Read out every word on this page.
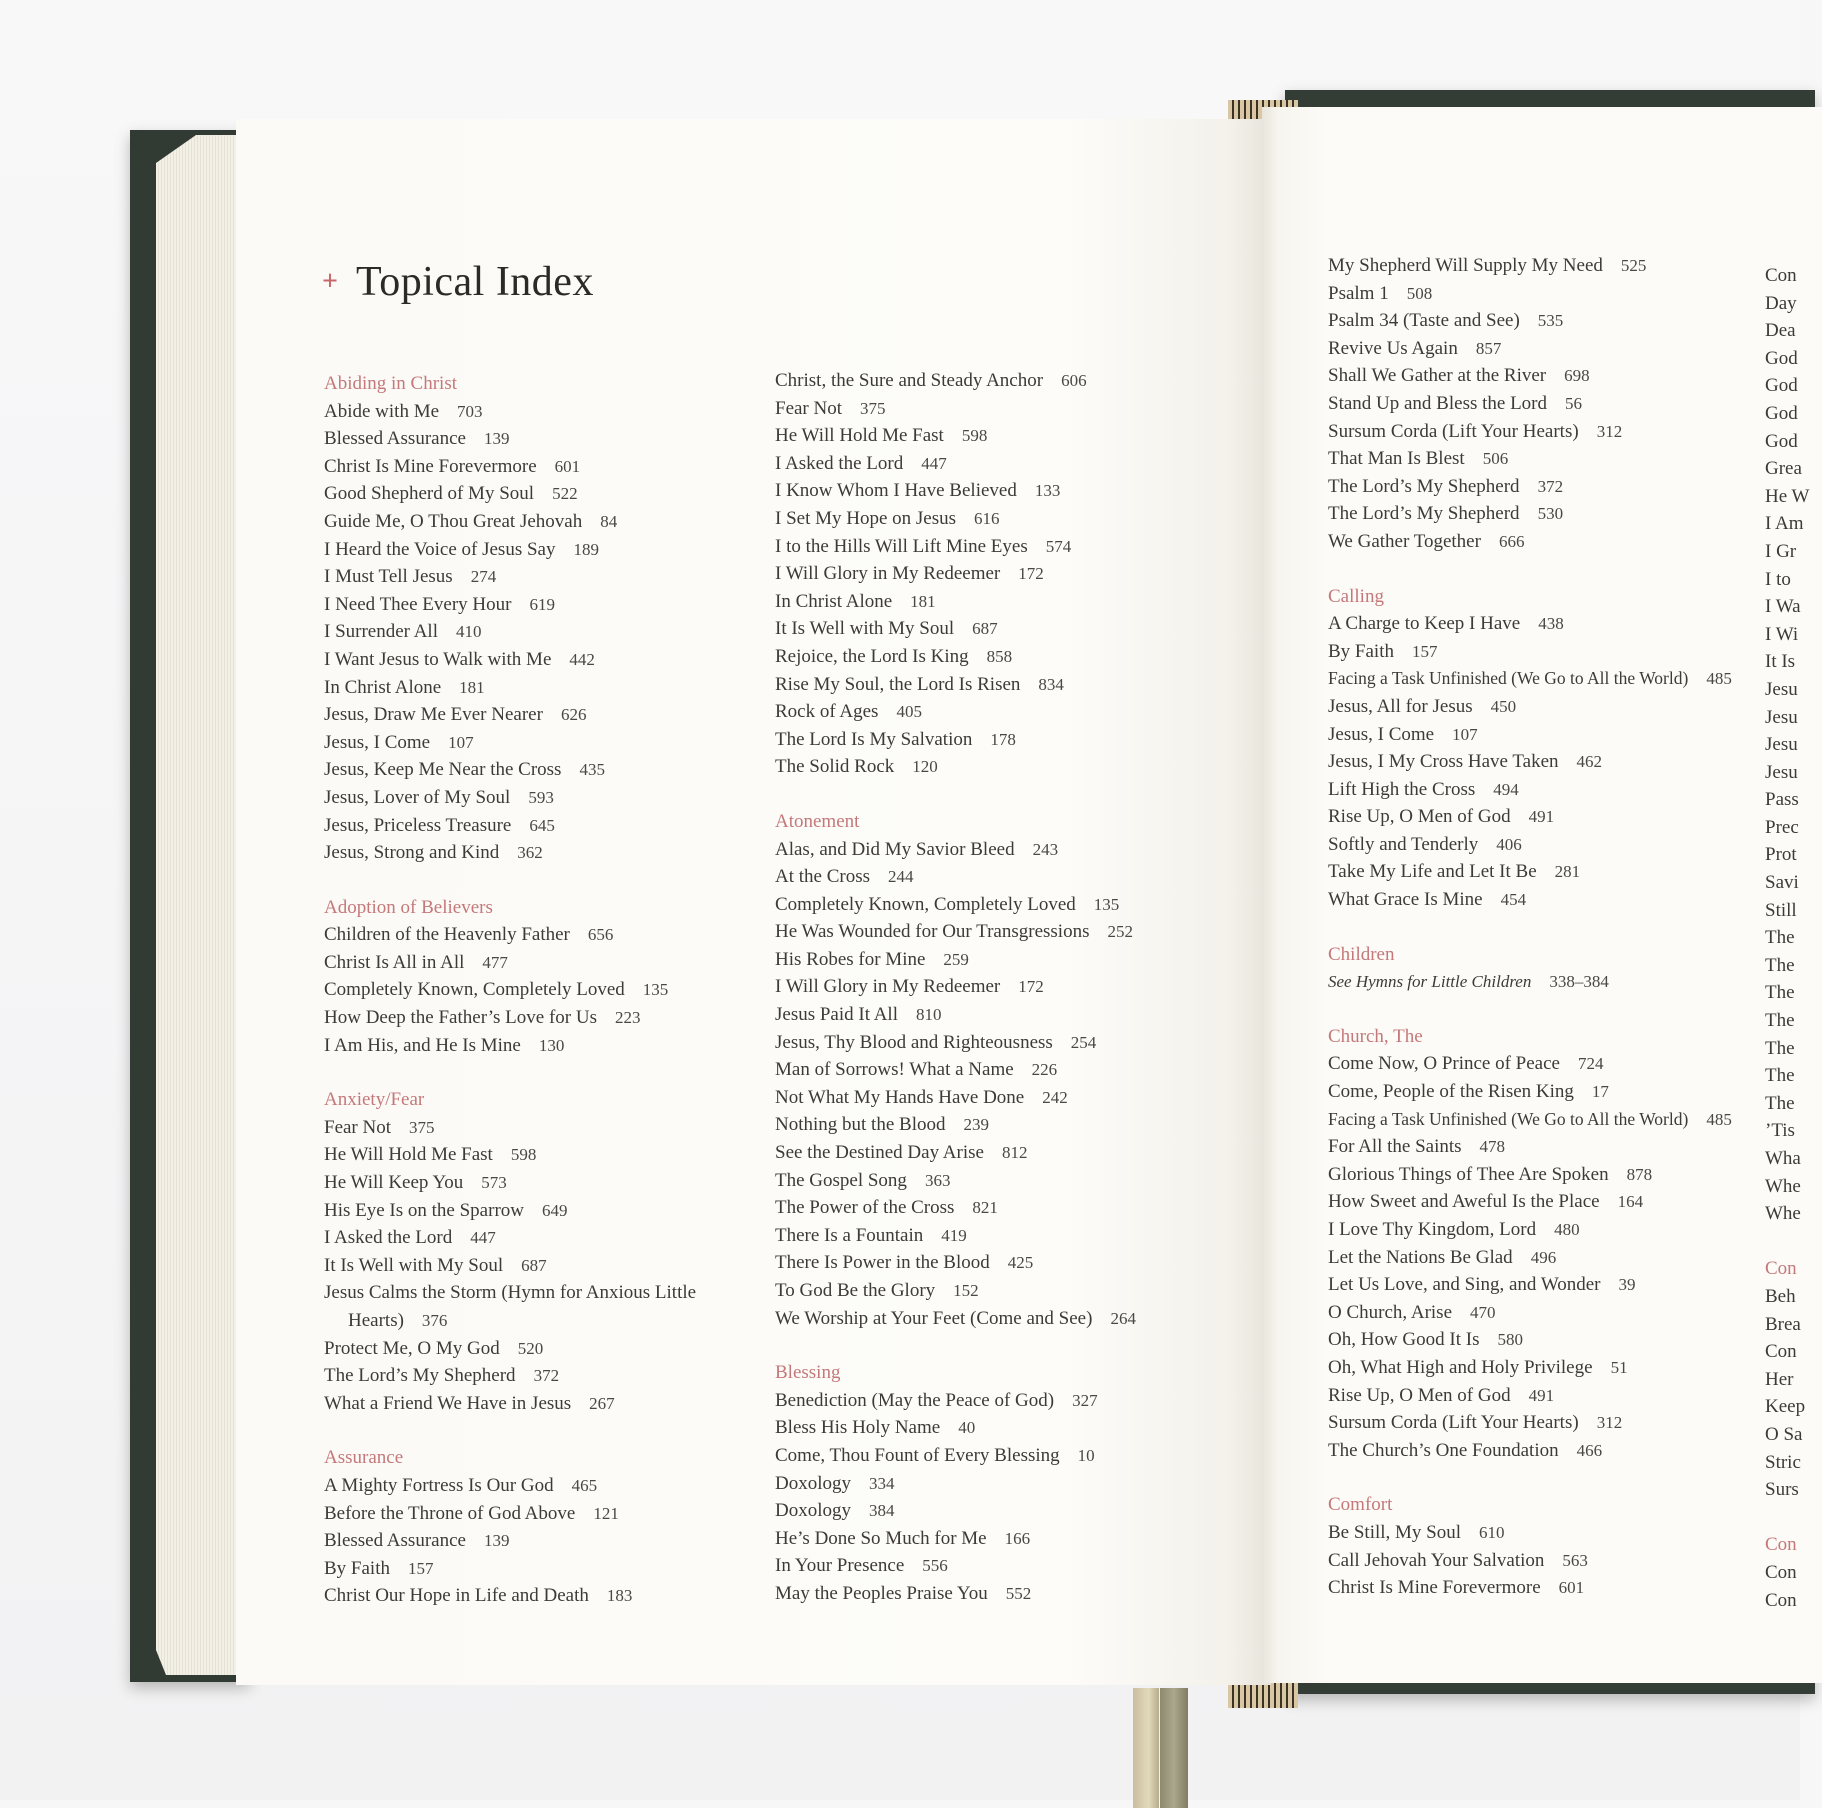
+ Topical Index
Abiding in Christ
Abide with Me 703
Blessed Assurance 139
Christ Is Mine Forevermore 601
Good Shepherd of My Soul 522
Guide Me, O Thou Great Jehovah 84
I Heard the Voice of Jesus Say 189
I Must Tell Jesus 274
I Need Thee Every Hour 619
I Surrender All 410
I Want Jesus to Walk with Me 442
In Christ Alone 181
Jesus, Draw Me Ever Nearer 626
Jesus, I Come 107
Jesus, Keep Me Near the Cross 435
Jesus, Lover of My Soul 593
Jesus, Priceless Treasure 645
Jesus, Strong and Kind 362
Adoption of Believers
Children of the Heavenly Father 656
Christ Is All in All 477
Completely Known, Completely Loved 135
How Deep the Father’s Love for Us 223
I Am His, and He Is Mine 130
Anxiety/Fear
Fear Not 375
He Will Hold Me Fast 598
He Will Keep You 573
His Eye Is on the Sparrow 649
I Asked the Lord 447
It Is Well with My Soul 687
Jesus Calms the Storm (Hymn for Anxious Little Hearts) 376
Protect Me, O My God 520
The Lord’s My Shepherd 372
What a Friend We Have in Jesus 267
Assurance
A Mighty Fortress Is Our God 465
Before the Throne of God Above 121
Blessed Assurance 139
By Faith 157
Christ Our Hope in Life and Death 183
Christ, the Sure and Steady Anchor 606
Fear Not 375
He Will Hold Me Fast 598
I Asked the Lord 447
I Know Whom I Have Believed 133
I Set My Hope on Jesus 616
I to the Hills Will Lift Mine Eyes 574
I Will Glory in My Redeemer 172
In Christ Alone 181
It Is Well with My Soul 687
Rejoice, the Lord Is King 858
Rise My Soul, the Lord Is Risen 834
Rock of Ages 405
The Lord Is My Salvation 178
The Solid Rock 120
Atonement
Alas, and Did My Savior Bleed 243
At the Cross 244
Completely Known, Completely Loved 135
He Was Wounded for Our Transgressions 252
His Robes for Mine 259
I Will Glory in My Redeemer 172
Jesus Paid It All 810
Jesus, Thy Blood and Righteousness 254
Man of Sorrows! What a Name 226
Not What My Hands Have Done 242
Nothing but the Blood 239
See the Destined Day Arise 812
The Gospel Song 363
The Power of the Cross 821
There Is a Fountain 419
There Is Power in the Blood 425
To God Be the Glory 152
We Worship at Your Feet (Come and See) 264
Blessing
Benediction (May the Peace of God) 327
Bless His Holy Name 40
Come, Thou Fount of Every Blessing 10
Doxology 334
Doxology 384
He’s Done So Much for Me 166
In Your Presence 556
May the Peoples Praise You 552
My Shepherd Will Supply My Need 525
Psalm 1 508
Psalm 34 (Taste and See) 535
Revive Us Again 857
Shall We Gather at the River 698
Stand Up and Bless the Lord 56
Sursum Corda (Lift Your Hearts) 312
That Man Is Blest 506
The Lord’s My Shepherd 372
The Lord’s My Shepherd 530
We Gather Together 666
Calling
A Charge to Keep I Have 438
By Faith 157
Facing a Task Unfinished (We Go to All the World) 485
Jesus, All for Jesus 450
Jesus, I Come 107
Jesus, I My Cross Have Taken 462
Lift High the Cross 494
Rise Up, O Men of God 491
Softly and Tenderly 406
Take My Life and Let It Be 281
What Grace Is Mine 454
Children
See Hymns for Little Children 338–384
Church, The
Come Now, O Prince of Peace 724
Come, People of the Risen King 17
Facing a Task Unfinished (We Go to All the World) 485
For All the Saints 478
Glorious Things of Thee Are Spoken 878
How Sweet and Aweful Is the Place 164
I Love Thy Kingdom, Lord 480
Let the Nations Be Glad 496
Let Us Love, and Sing, and Wonder 39
O Church, Arise 470
Oh, How Good It Is 580
Oh, What High and Holy Privilege 51
Rise Up, O Men of God 491
Sursum Corda (Lift Your Hearts) 312
The Church’s One Foundation 466
Comfort
Be Still, My Soul 610
Call Jehovah Your Salvation 563
Christ Is Mine Forevermore 601
Con
Day
Dea
God
God
God
God
Grea
He W
I Am
I Gr
I to
I Wa
I Wi
It Is
Jesu
Jesu
Jesu
Jesu
Pass
Prec
Prot
Savi
Still
The
The
The
The
The
The
The
’Tis
Wha
Whe
Whe
Con
Beh
Brea
Con
Her
Keep
O Sa
Stric
Surs
Con
Con
Con
